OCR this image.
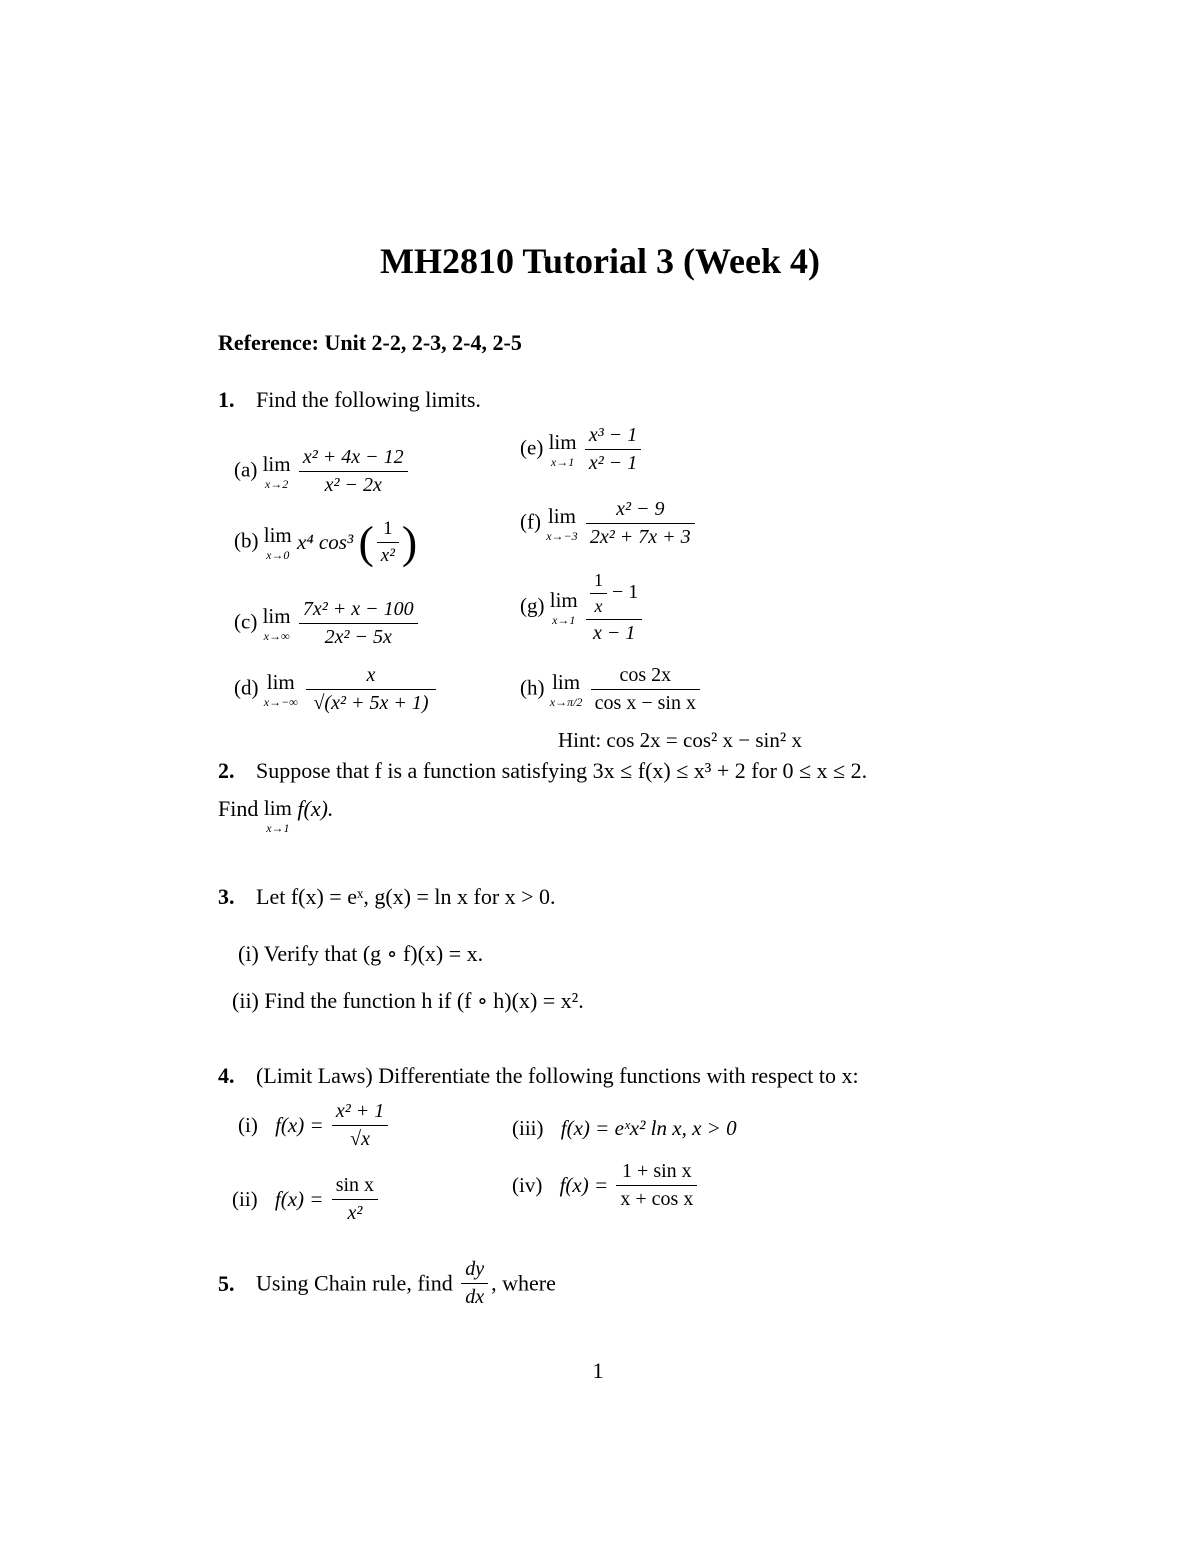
MH2810 Tutorial 3 (Week 4)
Reference: Unit 2-2, 2-3, 2-4, 2-5
1. Find the following limits.
(a) lim
x→2
$\frac{\text{x² + 4x − 12}}{\text{x² − 2x}}$
(b) lim
x→0
x⁴ cos³ ( $\frac{1}{\text{x²}}$ )
(c) lim
x→∞
$\frac{\text{7x² + x − 100}}{\text{2x² − 5x}}$
(d) lim
x→−∞
$\frac{x}{\text{√(x² + 5x + 1)}}$
(e) lim
x→1
$\frac{\text{x³ − 1}}{\text{x² − 1}}$
(f) lim
x→−3
$\frac{\text{x² − 9}}{\text{2x² + 7x + 3}}$
(g) lim
x→1
$\frac{\frac{1}{x} - 1}{x - 1}$
(h) lim
x→π/2
$\frac{\cos 2x}{\text{cos x − sin x}}$
Hint: cos 2x = cos² x − sin² x
2. Suppose that f is a function satisfying 3x ≤ f(x) ≤ x³ + 2 for 0 ≤ x ≤ 2.
Find lim
x→1
f(x).
3. Let f(x) = eˣ, g(x) = ln x for x > 0.
(i) Verify that (g ∘ f)(x) = x.
(ii) Find the function h if (f ∘ h)(x) = x².
4. (Limit Laws) Differentiate the following functions with respect to x:
(i) $f(x) = \frac{\text{x² + 1}}{√x}$
(ii) $f(x) = \frac{\text{sin x}}{\text{x²}}$
(iii) f(x) = eˣx² ln x, x > 0
(iv) $f(x) = \frac{\text{1 + sin x}}{\text{x + cos x}}$
5. Using Chain rule, find $\frac{dy}{dx}$ , where
1
